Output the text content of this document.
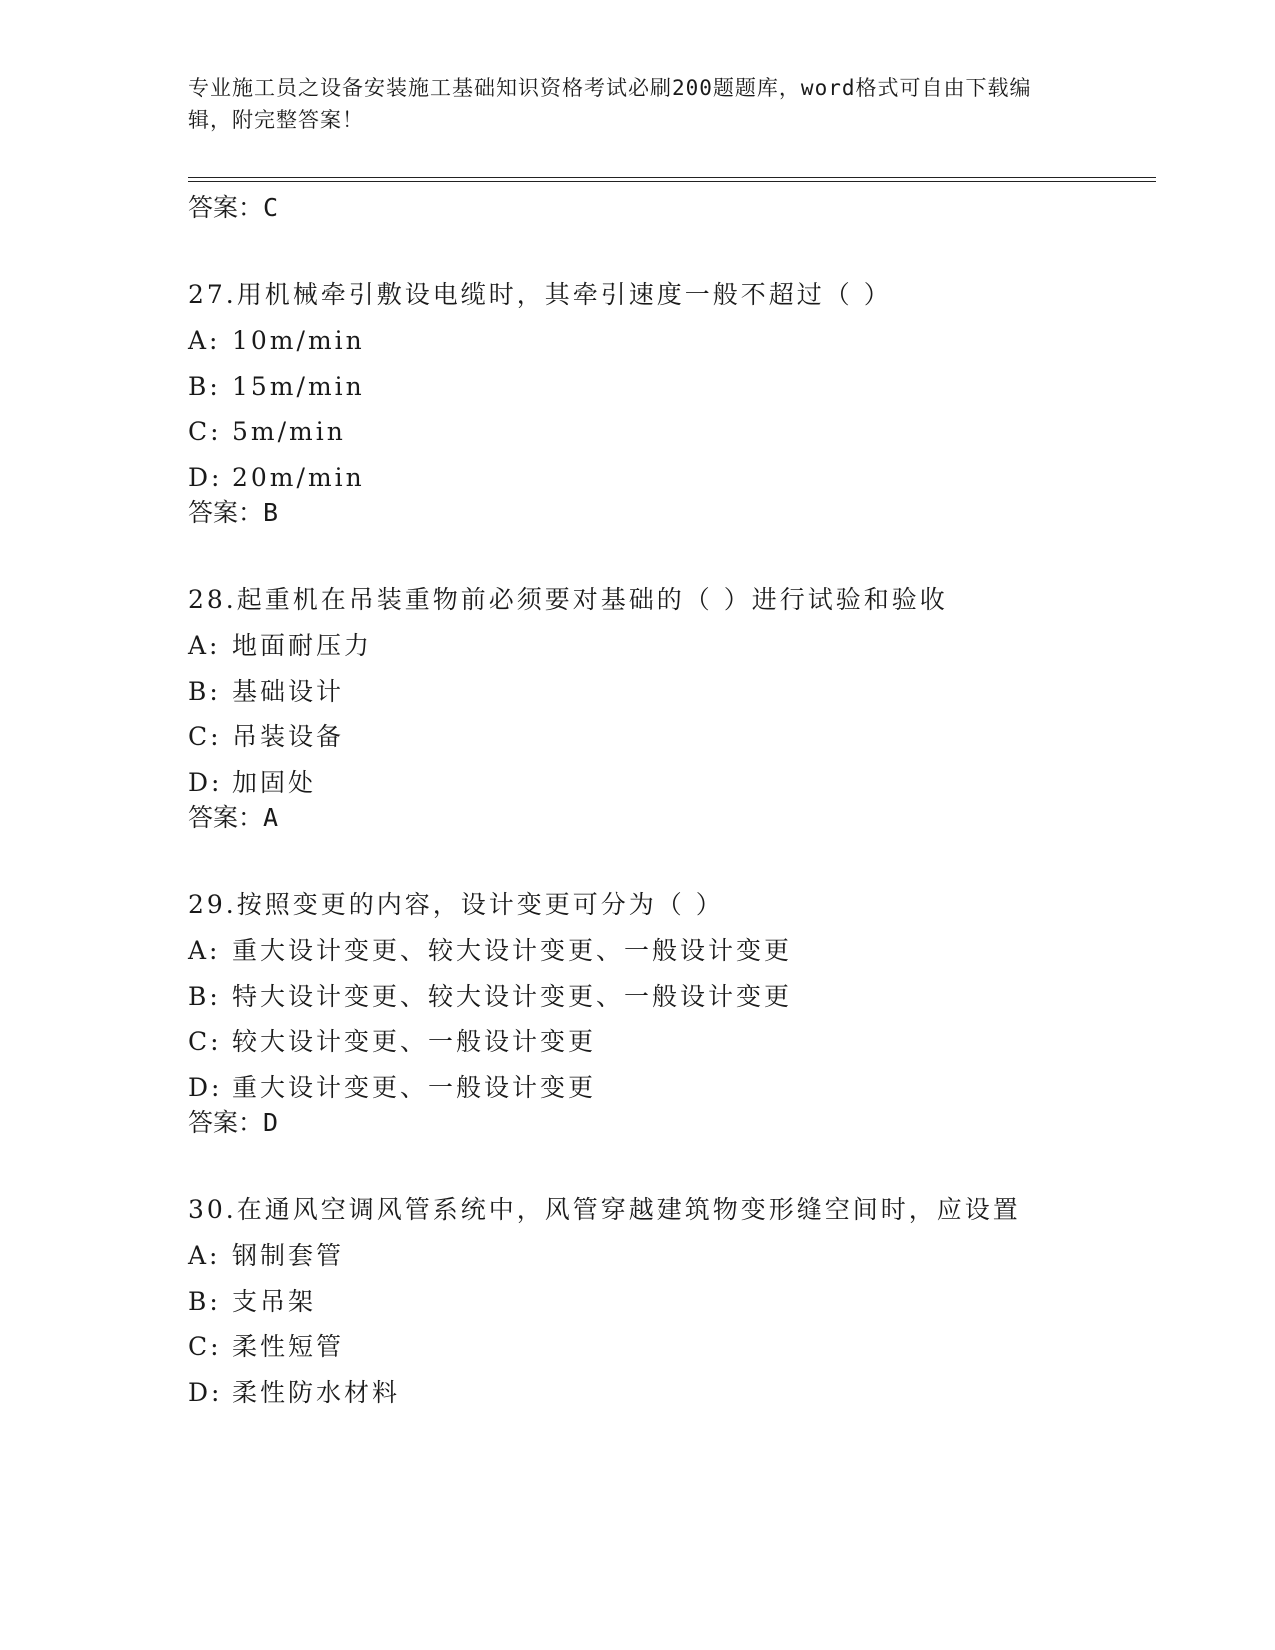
专业施工员之设备安装施工基础知识资格考试必刷200题题库，word格式可自由下载编辑，附完整答案！
答案：C
27.用机械牵引敷设电缆时，其牵引速度一般不超过（ ）
A: 10m/min
B: 15m/min
C: 5m/min
D: 20m/min
答案：B
28.起重机在吊装重物前必须要对基础的（ ）进行试验和验收
A: 地面耐压力
B: 基础设计
C: 吊装设备
D: 加固处
答案：A
29.按照变更的内容，设计变更可分为（ ）
A: 重大设计变更、较大设计变更、一般设计变更
B: 特大设计变更、较大设计变更、一般设计变更
C: 较大设计变更、一般设计变更
D: 重大设计变更、一般设计变更
答案：D
30.在通风空调风管系统中，风管穿越建筑物变形缝空间时，应设置
A: 钢制套管
B: 支吊架
C: 柔性短管
D: 柔性防水材料
